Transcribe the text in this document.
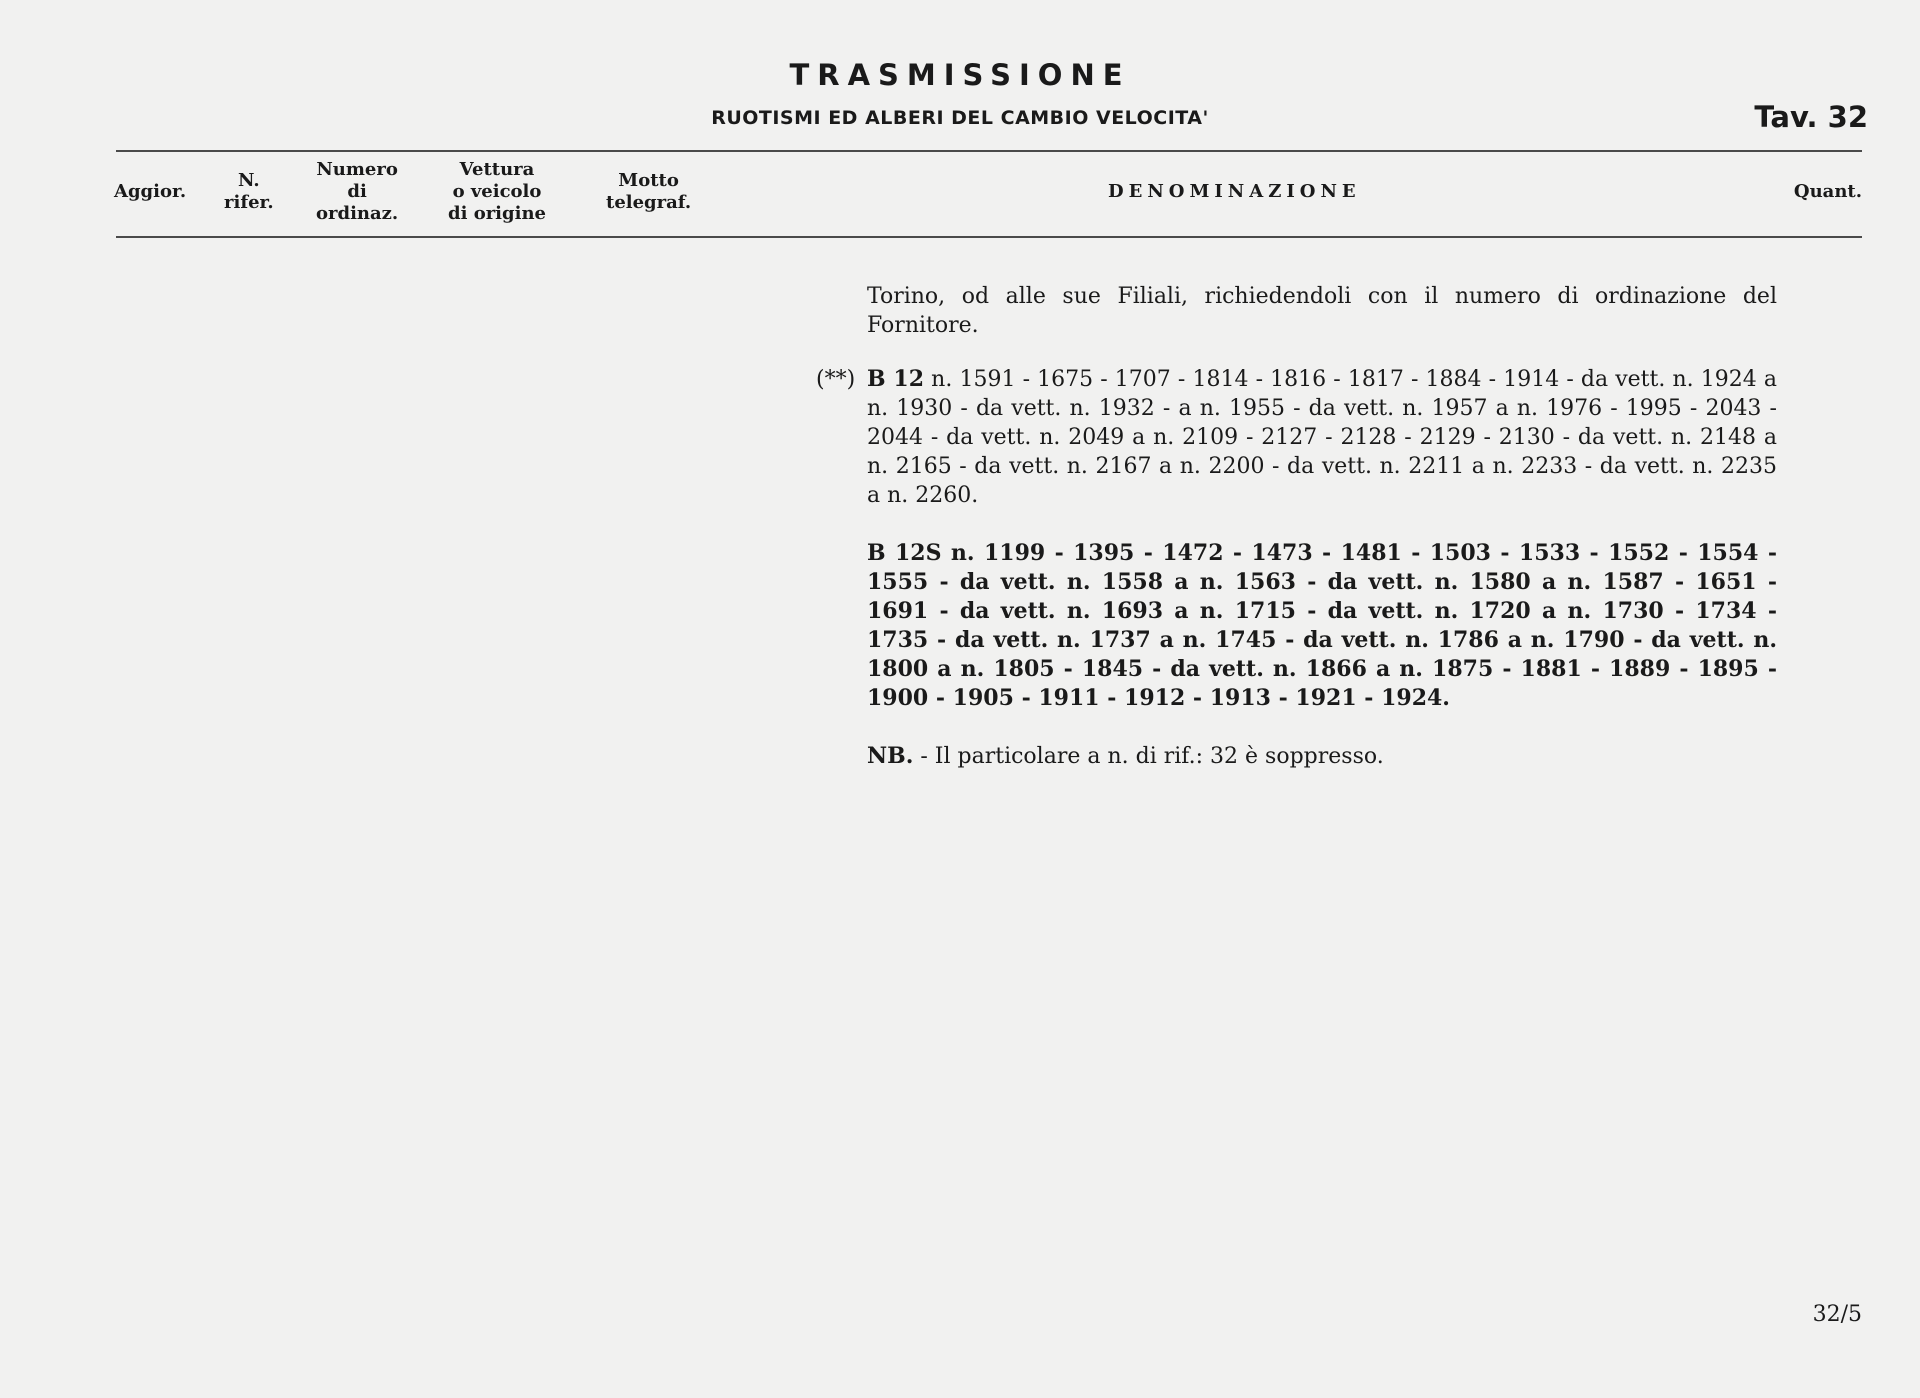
TRASMISSIONE
RUOTISMI ED ALBERI DEL CAMBIO VELOCITA'	Tav. 32
Aggior.
N.
rifer.
Numero
di
ordinaz.
Vettura
o veicolo
di origine
Motto
telegraf.
DENOMINAZIONE	Quant.
Torino, od alle sue Filiali, richiedendoli con il numero di ordinazione del Fornitore.
(**) B 12 n. 1591 - 1675 - 1707 - 1814 - 1816 - 1817 - 1884 - 1914 - da vett. n. 1924 a n. 1930 - da vett. n. 1932 - a n. 1955 - da vett. n. 1957 a n. 1976 - 1995 - 2043 - 2044 - da vett. n. 2049 a n. 2109 - 2127 - 2128 - 2129 - 2130 - da vett. n. 2148 a n. 2165 - da vett. n. 2167 a n. 2200 - da vett. n. 2211 a n. 2233 - da vett. n. 2235 a n. 2260.
B 12S n. 1199 - 1395 - 1472 - 1473 - 1481 - 1503 - 1533 - 1552 - 1554 - 1555 - da vett. n. 1558 a n. 1563 - da vett. n. 1580 a n. 1587 - 1651 - 1691 - da vett. n. 1693 a n. 1715 - da vett. n. 1720 a n. 1730 - 1734 - 1735 - da vett. n. 1737 a n. 1745 - da vett. n. 1786 a n. 1790 - da vett. n. 1800 a n. 1805 - 1845 - da vett. n. 1866 a n. 1875 - 1881 - 1889 - 1895 - 1900 - 1905 - 1911 - 1912 - 1913 - 1921 - 1924.
NB. - Il particolare a n. di rif.: 32 è soppresso.
32/5
